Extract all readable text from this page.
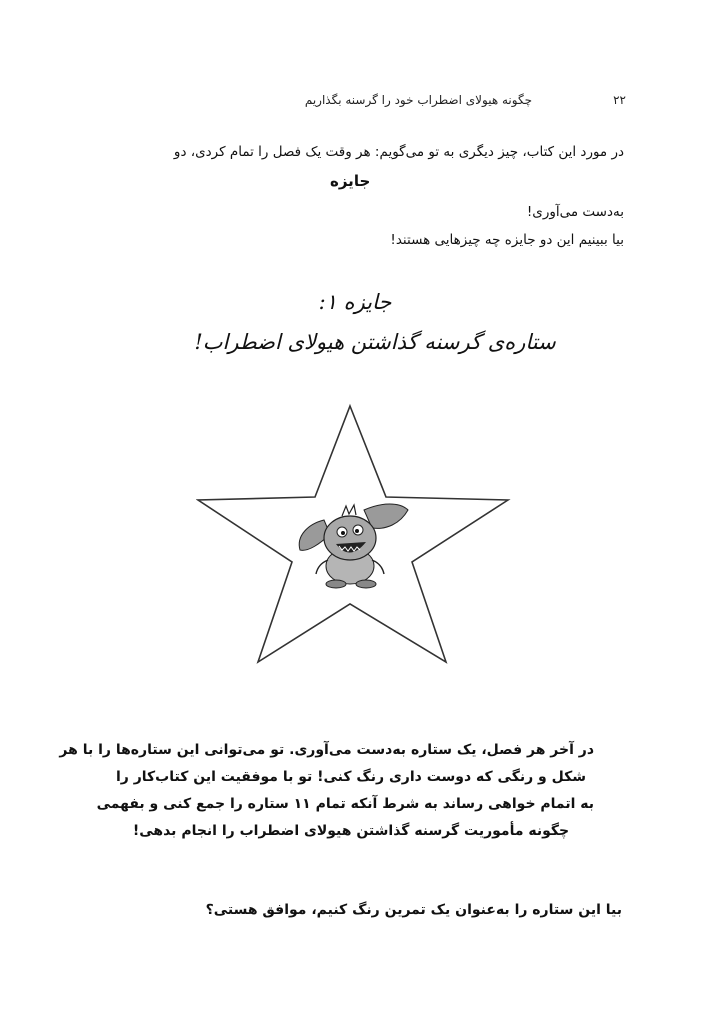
۲۲
چگونه هیولای اضطراب خود را گرسنه بگذاریم
در مورد این کتاب، چیز دیگری به تو می‌گویم: هر وقت یک فصل را تمام کردی، دو
جایزه
به‌دست می‌آوری!
بیا ببینیم این دو جایزه چه چیزهایی هستند!
جایزه ۱:
ستاره‌ی گرسنه گذاشتن هیولای اضطراب!
در آخر هر فصل، یک ستاره به‌دست می‌آوری. تو می‌توانی این ستاره‌ها را با هر
شکل و رنگی که دوست داری رنگ کنی! تو با موفقیت این کتاب‌کار را
به اتمام خواهی رساند به شرط آنکه تمام ۱۱ ستاره را جمع کنی و بفهمی
چگونه مأموریت گرسنه گذاشتن هیولای اضطراب را انجام بدهی!
بیا این ستاره را به‌عنوان یک تمرین رنگ کنیم، موافق هستی؟
